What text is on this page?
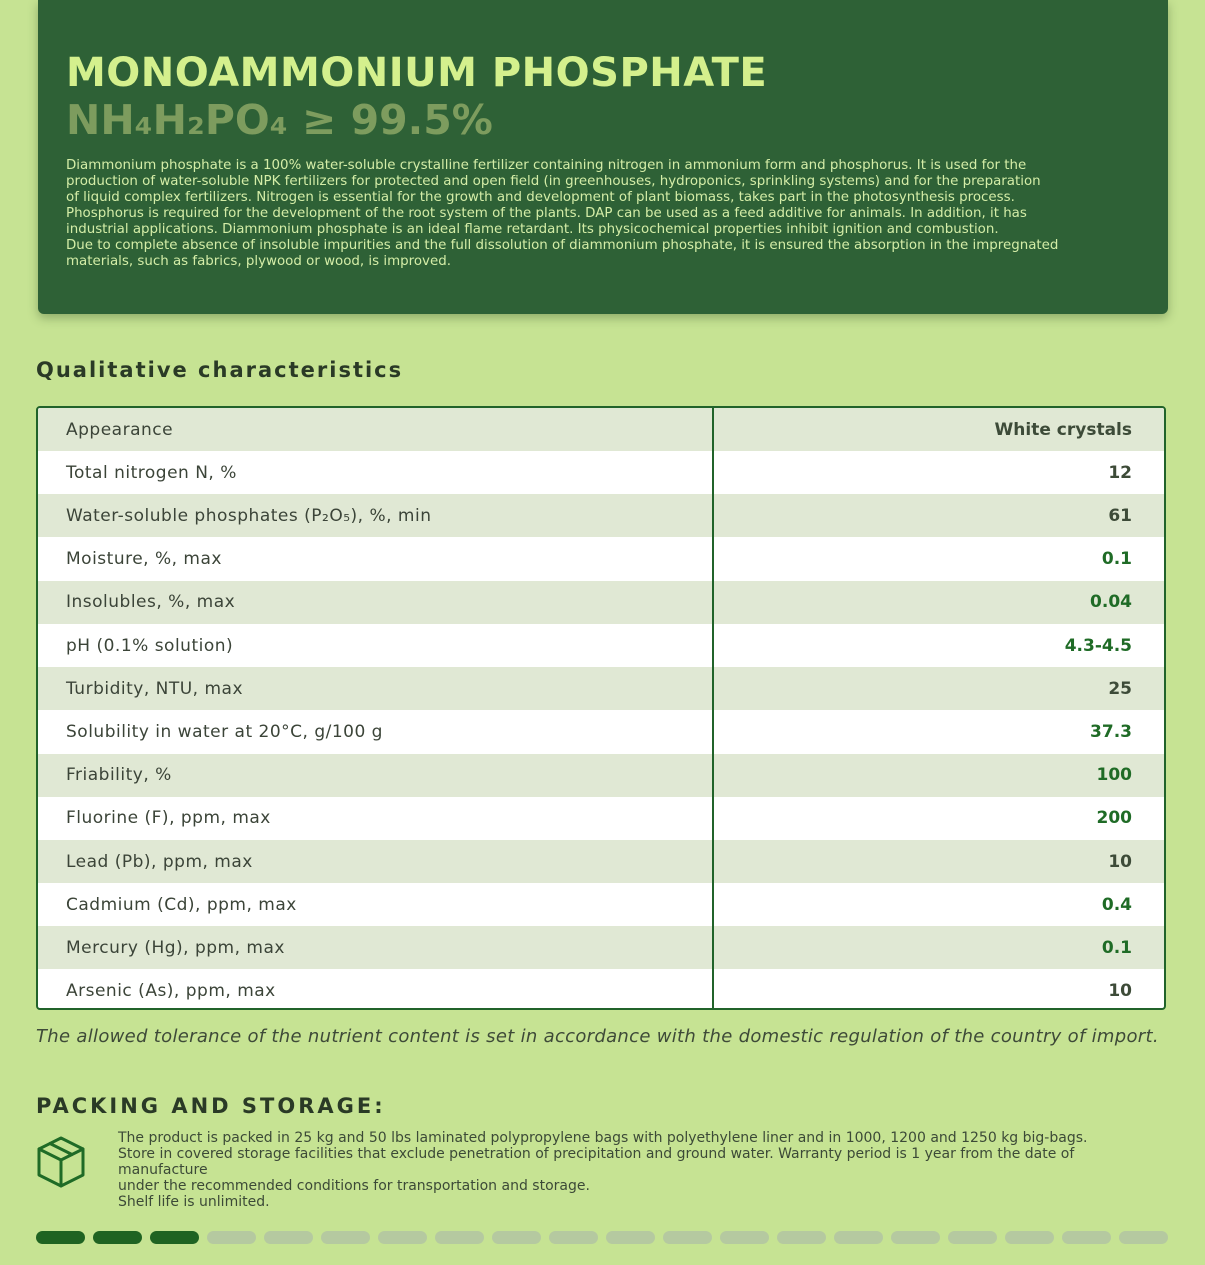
MONOAMMONIUM PHOSPHATE
NH₄H₂PO₄ ≥ 99.5%

Diammonium phosphate is a 100% water-soluble crystalline fertilizer containing nitrogen in ammonium form and phosphorus. It is used for the
production of water-soluble NPK fertilizers for protected and open field (in greenhouses, hydroponics, sprinkling systems) and for the preparation
of liquid complex fertilizers. Nitrogen is essential for the growth and development of plant biomass, takes part in the photosynthesis process.
Phosphorus is required for the development of the root system of the plants. DAP can be used as a feed additive for animals. In addition, it has
industrial applications. Diammonium phosphate is an ideal flame retardant. Its physicochemical properties inhibit ignition and combustion.
Due to complete absence of insoluble impurities and the full dissolution of diammonium phosphate, it is ensured the absorption in the impregnated
materials, such as fabrics, plywood or wood, is improved.

Qualitative characteristics
Arsenic (As), ppm, max	10
Mercury (Hg), ppm, max	0.1
Cadmium (Cd), ppm, max	0.4
Lead (Pb), ppm, max	10
Fluorine (F), ppm, max	200
Friability, %	100
Solubility in water at 20°C, g/100 g	37.3
Turbidity, NTU, max	25
pH (0.1% solution)	4.3-4.5
Insolubles, %, max	0.04
Moisture, %, max	0.1
Water-soluble phosphates (P₂O₅), %, min	61
Total nitrogen N, %	12
Appearance	White crystals

The allowed tolerance of the nutrient content is set in accordance with the domestic regulation of the country of import.

PACKING AND STORAGE:

The product is packed in 25 kg and 50 lbs laminated polypropylene bags with polyethylene liner and in 1000, 1200 and 1250 kg big-bags.
Store in covered storage facilities that exclude penetration of precipitation and ground water. Warranty period is 1 year from the date of manufacture
under the recommended conditions for transportation and storage.
Shelf life is unlimited.
